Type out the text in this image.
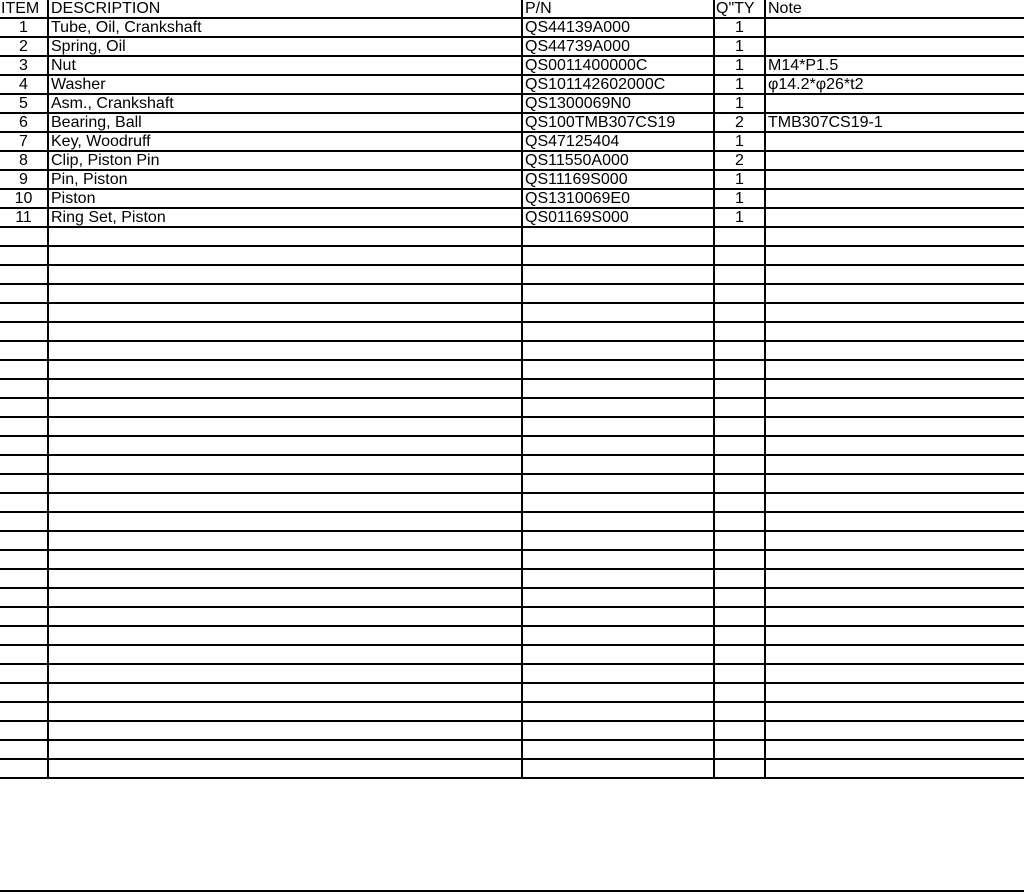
ITEM	DESCRIPTION	P/N	Q"TY	Note
1	Tube, Oil, Crankshaft	QS44139A000	1	
2	Spring, Oil	QS44739A000	1	
3	Nut	QS0011400000C	1	M14*P1.5
4	Washer	QS101142602000C	1	φ14.2*φ26*t2
5	Asm., Crankshaft	QS1300069N0	1	
6	Bearing, Ball	QS100TMB307CS19	2	TMB307CS19-1
7	Key, Woodruff	QS47125404	1	
8	Clip, Piston Pin	QS11550A000	2	
9	Pin, Piston	QS11169S000	1	
10	Piston	QS1310069E0	1	
11	Ring Set, Piston	QS01169S000	1	
